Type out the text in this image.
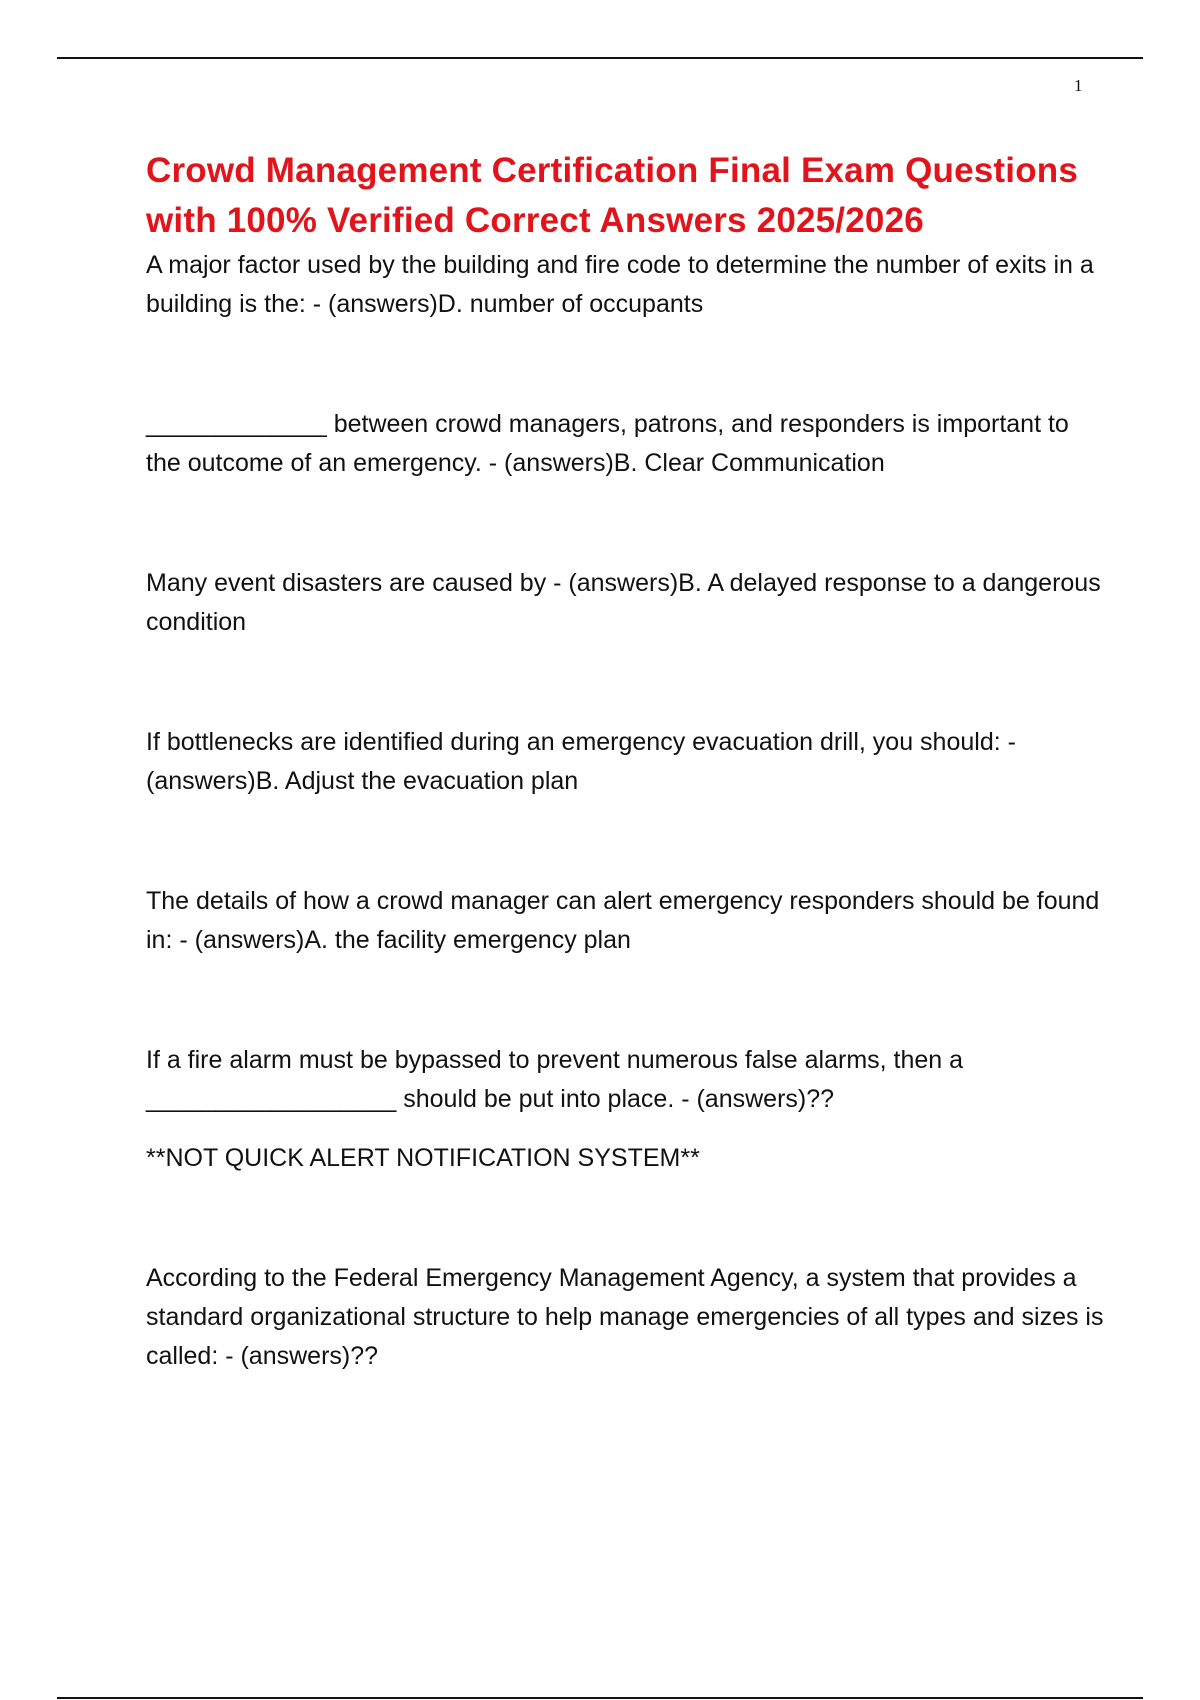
1
Crowd Management Certification Final Exam Questions with 100% Verified Correct Answers 2025/2026

A major factor used by the building and fire code to determine the number of exits in a building is the: - (answers)D. number of occupants

_____________ between crowd managers, patrons, and responders is important to the outcome of an emergency. - (answers)B. Clear Communication

Many event disasters are caused by - (answers)B. A delayed response to a dangerous condition

If bottlenecks are identified during an emergency evacuation drill, you should: - (answers)B. Adjust the evacuation plan

The details of how a crowd manager can alert emergency responders should be found in: - (answers)A. the facility emergency plan

If a fire alarm must be bypassed to prevent numerous false alarms, then a __________________ should be put into place. - (answers)??

**NOT QUICK ALERT NOTIFICATION SYSTEM**

According to the Federal Emergency Management Agency, a system that provides a standard organizational structure to help manage emergencies of all types and sizes is called: - (answers)??
